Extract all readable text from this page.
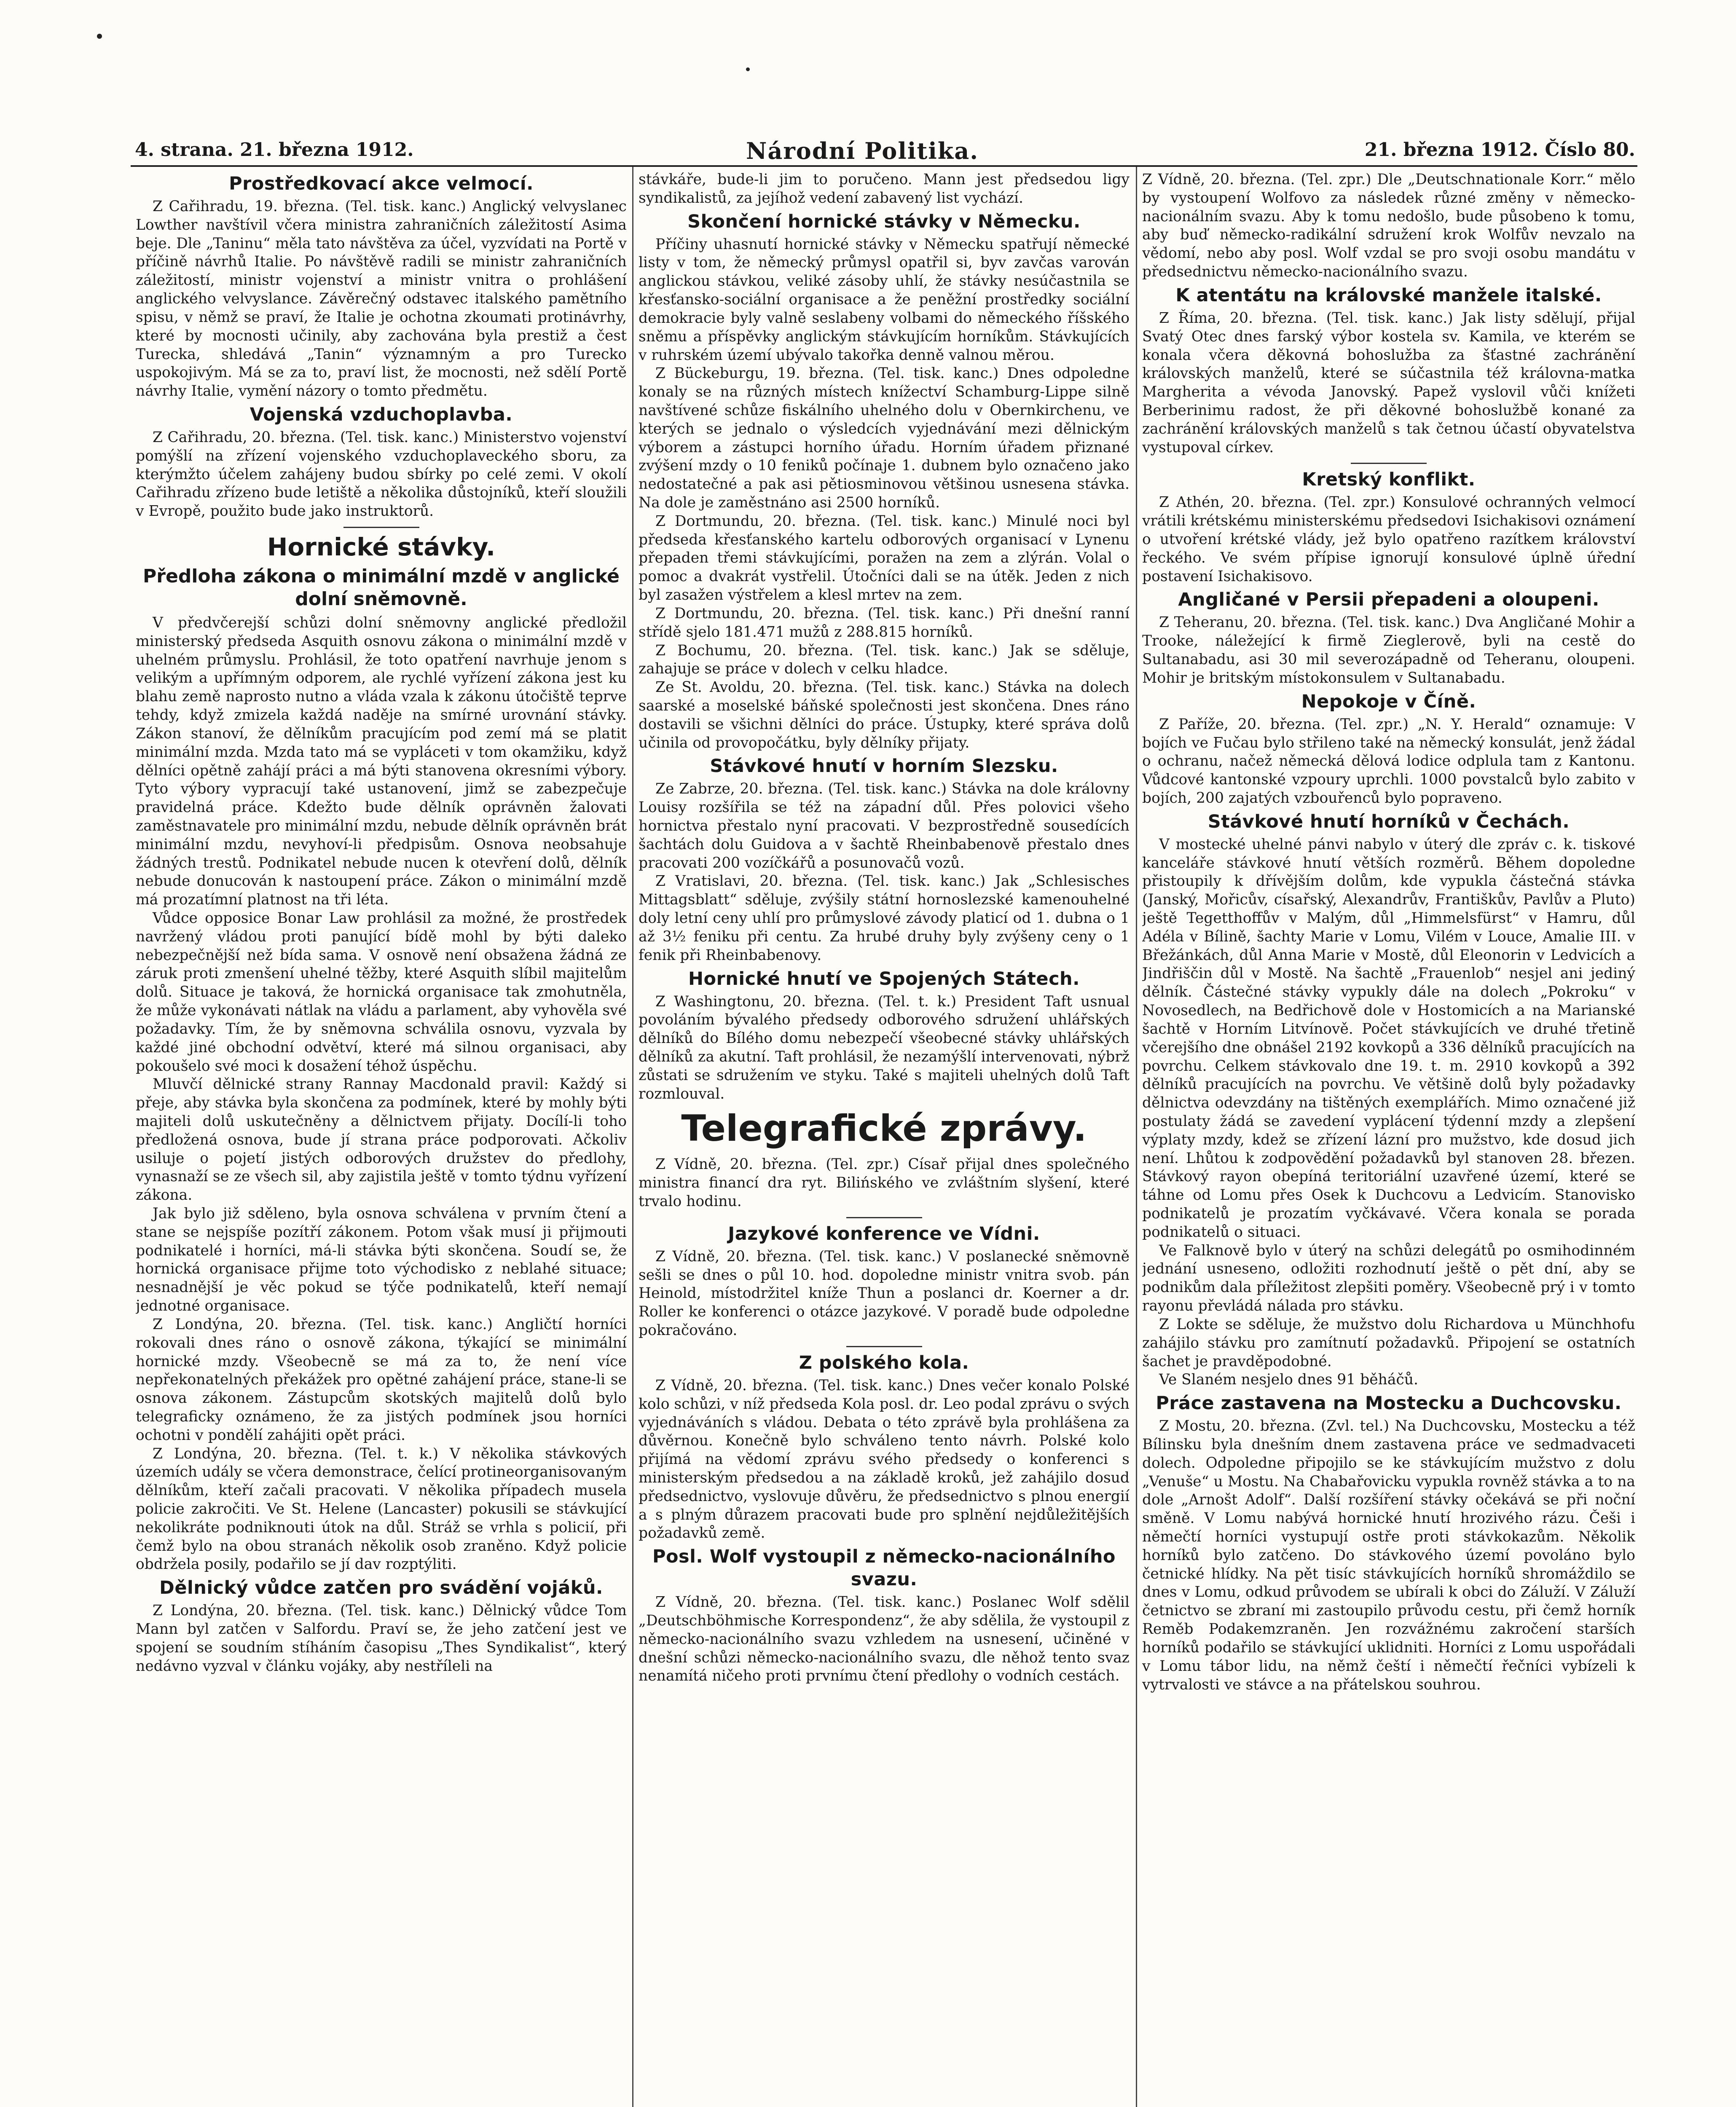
4. strana. 21. března 1912.	Národní Politika.	21. března 1912. Číslo 80.
Prostředkovací akce velmocí.

Z Cařihradu, 19. března. (Tel. tisk. kanc.) Anglický velvyslanec Lowther navštívil včera ministra zahraničních záležitostí Asima beje. Dle „Taninu“ měla tato návštěva za účel, vyzvídati na Portě v příčině návrhů Italie. Po návštěvě radili se ministr zahraničních záležitostí, ministr vojenství a ministr vnitra o prohlášení anglického velvyslance. Závěrečný odstavec italského pamětního spisu, v němž se praví, že Italie je ochotna zkoumati protinávrhy, které by mocnosti učinily, aby zachována byla prestiž a čest Turecka, shledává „Tanin“ významným a pro Turecko uspokojivým. Má se za to, praví list, že mocnosti, než sdělí Portě návrhy Italie, vymění názory o tomto předmětu.

Vojenská vzduchoplavba.

Z Cařihradu, 20. března. (Tel. tisk. kanc.) Ministerstvo vojenství pomýšlí na zřízení vojenského vzduchoplaveckého sboru, za kterýmžto účelem zahájeny budou sbírky po celé zemi. V okolí Cařihradu zřízeno bude letiště a několika důstojníků, kteří sloužili v Evropě, použito bude jako instruktorů.

Hornické stávky.
Předloha zákona o minimální mzdě v anglické dolní sněmovně.

V předvčerejší schůzi dolní sněmovny anglické předložil ministerský předseda Asquith osnovu zákona o minimální mzdě v uhelném průmyslu. Prohlásil, že toto opatření navrhuje jenom s velikým a upřímným odporem, ale rychlé vyřízení zákona jest ku blahu země naprosto nutno a vláda vzala k zákonu útočiště teprve tehdy, když zmizela každá naděje na smírné urovnání stávky. Zákon stanoví, že dělníkům pracujícím pod zemí má se platit minimální mzda. Mzda tato má se vypláceti v tom okamžiku, když dělníci opětně zahájí práci a má býti stanovena okresními výbory. Tyto výbory vypracují také ustanovení, jimž se zabezpečuje pravidelná práce. Kdežto bude dělník oprávněn žalovati zaměstnavatele pro minimální mzdu, nebude dělník oprávněn brát minimální mzdu, nevyhoví-li předpisům. Osnova neobsahuje žádných trestů. Podnikatel nebude nucen k otevření dolů, dělník nebude donucován k nastoupení práce. Zákon o minimální mzdě má prozatímní platnost na tři léta.

Vůdce opposice Bonar Law prohlásil za možné, že prostředek navržený vládou proti panující bídě mohl by býti daleko nebezpečnější než bída sama. V osnově není obsažena žádná ze záruk proti zmenšení uhelné těžby, které Asquith slíbil majitelům dolů. Situace je taková, že hornická organisace tak zmohutněla, že může vykonávati nátlak na vládu a parlament, aby vyhověla své požadavky. Tím, že by sněmovna schválila osnovu, vyzvala by každé jiné obchodní odvětví, které má silnou organisaci, aby pokoušelo své moci k dosažení téhož úspěchu.

Mluvčí dělnické strany Rannay Macdonald pravil: Každý si přeje, aby stávka byla skončena za podmínek, které by mohly býti majiteli dolů uskutečněny a dělnictvem přijaty. Docílí-li toho předložená osnova, bude jí strana práce podporovati. Ačkoliv usiluje o pojetí jistých odborových družstev do předlohy, vynasnaží se ze všech sil, aby zajistila ještě v tomto týdnu vyřízení zákona.

Jak bylo již sděleno, byla osnova schválena v prvním čtení a stane se nejspíše pozítří zákonem. Potom však musí ji přijmouti podnikatelé i horníci, má-li stávka býti skončena. Soudí se, že hornická organisace přijme toto východisko z neblahé situace; nesnadnější je věc pokud se týče podnikatelů, kteří nemají jednotné organisace.

Z Londýna, 20. března. (Tel. tisk. kanc.) Angličtí horníci rokovali dnes ráno o osnově zákona, týkající se minimální hornické mzdy. Všeobecně se má za to, že není více nepřekonatelných překážek pro opětné zahájení práce, stane-li se osnova zákonem. Zástupcům skotských majitelů dolů bylo telegraficky oznámeno, že za jistých podmínek jsou horníci ochotni v pondělí zahájiti opět práci.

Z Londýna, 20. března. (Tel. t. k.) V několika stávkových územích udály se včera demonstrace, čelící protineorganisovaným dělníkům, kteří začali pracovati. V několika případech musela policie zakročiti. Ve St. Helene (Lancaster) pokusili se stávkující nekolikráte podniknouti útok na důl. Stráž se vrhla s policií, při čemž bylo na obou stranách několik osob zraněno. Když policie obdržela posily, podařilo se jí dav rozptýliti.

Dělnický vůdce zatčen pro svádění vojáků.

Z Londýna, 20. března. (Tel. tisk. kanc.) Dělnický vůdce Tom Mann byl zatčen v Salfordu. Praví se, že jeho zatčení jest ve spojení se soudním stíháním časopisu „Thes Syndikalist“, který nedávno vyzval v článku vojáky, aby nestříleli na

stávkáře, bude-li jim to poručeno. Mann jest předsedou ligy syndikalistů, za jejíhož vedení zabavený list vychází.

Skončení hornické stávky v Německu.

Příčiny uhasnutí hornické stávky v Německu spatřují německé listy v tom, že německý průmysl opatřil si, byv zavčas varován anglickou stávkou, veliké zásoby uhlí, že stávky nesúčastnila se křesťansko-sociální organisace a že peněžní prostředky sociální demokracie byly valně seslabeny volbami do německého říšského sněmu a příspěvky anglickým stávkujícím horníkům. Stávkujících v ruhrském území ubývalo takořka denně valnou měrou.

Z Bückeburgu, 19. března. (Tel. tisk. kanc.) Dnes odpoledne konaly se na různých místech knížectví Schamburg-Lippe silně navštívené schůze fiskálního uhelného dolu v Obernkirchenu, ve kterých se jednalo o výsledcích vyjednávání mezi dělnickým výborem a zástupci horního úřadu. Horním úřadem přiznané zvýšení mzdy o 10 feniků počínaje 1. dubnem bylo označeno jako nedostatečné a pak asi pětiosminovou většinou usnesena stávka. Na dole je zaměstnáno asi 2500 horníků.

Z Dortmundu, 20. března. (Tel. tisk. kanc.) Minulé noci byl předseda křesťanského kartelu odborových organisací v Lynenu přepaden třemi stávkujícími, poražen na zem a zlýrán. Volal o pomoc a dvakrát vystřelil. Útočníci dali se na útěk. Jeden z nich byl zasažen výstřelem a klesl mrtev na zem.

Z Dortmundu, 20. března. (Tel. tisk. kanc.) Při dnešní ranní střídě sjelo 181.471 mužů z 288.815 horníků.

Z Bochumu, 20. března. (Tel. tisk. kanc.) Jak se sděluje, zahajuje se práce v dolech v celku hladce.

Ze St. Avoldu, 20. března. (Tel. tisk. kanc.) Stávka na dolech saarské a moselské báňské společnosti jest skončena. Dnes ráno dostavili se všichni dělníci do práce. Ústupky, které správa dolů učinila od provopočátku, byly dělníky přijaty.

Stávkové hnutí v horním Slezsku.

Ze Zabrze, 20. března. (Tel. tisk. kanc.) Stávka na dole královny Louisy rozšířila se též na západní důl. Přes polovici všeho hornictva přestalo nyní pracovati. V bezprostředně sousedících šachtách dolu Guidova a v šachtě Rheinbabenově přestalo dnes pracovati 200 vozíčkářů a posunovačů vozů.

Z Vratislavi, 20. března. (Tel. tisk. kanc.) Jak „Schlesisches Mittagsblatt“ sděluje, zvýšily státní hornoslezské kamenouhelné doly letní ceny uhlí pro průmyslové závody platicí od 1. dubna o 1 až 3½ feniku při centu. Za hrubé druhy byly zvýšeny ceny o 1 fenik při Rheinbabenovy.

Hornické hnutí ve Spojených Státech.

Z Washingtonu, 20. března. (Tel. t. k.) President Taft usnual povoláním bývalého předsedy odborového sdružení uhlářských dělníků do Bílého domu nebezpečí všeobecné stávky uhlářských dělníků za akutní. Taft prohlásil, že nezamýšlí intervenovati, nýbrž zůstati se sdružením ve styku. Také s majiteli uhelných dolů Taft rozmlouval.

Telegrafické zprávy.

Z Vídně, 20. března. (Tel. zpr.) Císař přijal dnes společného ministra financí dra ryt. Bilińského ve zvláštním slyšení, které trvalo hodinu.

Jazykové konference ve Vídni.

Z Vídně, 20. března. (Tel. tisk. kanc.) V poslanecké sněmovně sešli se dnes o půl 10. hod. dopoledne ministr vnitra svob. pán Heinold, místodržitel kníže Thun a poslanci dr. Koerner a dr. Roller ke konferenci o otázce jazykové. V poradě bude odpoledne pokračováno.

Z polského kola.

Z Vídně, 20. března. (Tel. tisk. kanc.) Dnes večer konalo Polské kolo schůzi, v níž předseda Kola posl. dr. Leo podal zprávu o svých vyjednáváních s vládou. Debata o této zprávě byla prohlášena za důvěrnou. Konečně bylo schváleno tento návrh. Polské kolo přijímá na vědomí zprávu svého předsedy o konferenci s ministerským předsedou a na základě kroků, jež zahájilo dosud předsednictvo, vyslovuje důvěru, že předsednictvo s plnou energií a s plným důrazem pracovati bude pro splnění nejdůležitějších požadavků země.

Posl. Wolf vystoupil z německo-nacionálního svazu.

Z Vídně, 20. března. (Tel. tisk. kanc.) Poslanec Wolf sdělil „Deutschböhmische Korrespondenz“, že aby sdělila, že vystoupil z německo-nacionálního svazu vzhledem na usnesení, učiněné v dnešní schůzi německo-nacionálního svazu, dle něhož tento svaz nenamítá ničeho proti prvnímu čtení předlohy o vodních cestách.

Z Vídně, 20. března. (Tel. zpr.) Dle „Deutschnationale Korr.“ mělo by vystoupení Wolfovo za následek různé změny v německo-nacionálním svazu. Aby k tomu nedošlo, bude působeno k tomu, aby buď německo-radikální sdružení krok Wolfův nevzalo na vědomí, nebo aby posl. Wolf vzdal se pro svoji osobu mandátu v předsednictvu německo-nacionálního svazu.

K atentátu na královské manžele italské.

Z Říma, 20. března. (Tel. tisk. kanc.) Jak listy sdělují, přijal Svatý Otec dnes farský výbor kostela sv. Kamila, ve kterém se konala včera děkovná bohoslužba za šťastné zachránění královských manželů, které se súčastnila též královna-matka Margherita a vévoda Janovský. Papež vyslovil vůči knížeti Berberinimu radost, že při děkovné bohoslužbě konané za zachránění královských manželů s tak četnou účastí obyvatelstva vystupoval církev.

Kretský konflikt.

Z Athén, 20. března. (Tel. zpr.) Konsulové ochranných velmocí vrátili krétskému ministerskému předsedovi Isichakisovi oznámení o utvoření krétské vlády, jež bylo opatřeno razítkem království řeckého. Ve svém přípise ignorují konsulové úplně úřední postavení Isichakisovo.

Angličané v Persii přepadeni a oloupeni.

Z Teheranu, 20. března. (Tel. tisk. kanc.) Dva Angličané Mohir a Trooke, náležející k firmě Zieglerově, byli na cestě do Sultanabadu, asi 30 mil severozápadně od Teheranu, oloupeni. Mohir je britským místokonsulem v Sultanabadu.

Nepokoje v Číně.

Z Paříže, 20. března. (Tel. zpr.) „N. Y. Herald“ oznamuje: V bojích ve Fučau bylo střileno také na německý konsulát, jenž žádal o ochranu, načež německá dělová lodice odplula tam z Kantonu. Vůdcové kantonské vzpoury uprchli. 1000 povstalců bylo zabito v bojích, 200 zajatých vzbouřenců bylo popraveno.

Stávkové hnutí horníků v Čechách.

V mostecké uhelné pánvi nabylo v úterý dle zpráv c. k. tiskové kanceláře stávkové hnutí větších rozměrů. Během dopoledne přistoupily k dřívějším dolům, kde vypukla částečná stávka (Janský, Mořicův, císařský, Alexandrův, Františkův, Pavlův a Pluto) ještě Tegetthoffův v Malým, důl „Himmelsfürst“ v Hamru, důl Adéla v Bílině, šachty Marie v Lomu, Vilém v Louce, Amalie III. v Břežánkách, důl Anna Marie v Mostě, důl Eleonorin v Ledvicích a Jindřiščin důl v Mostě. Na šachtě „Frauenlob“ nesjel ani jediný dělník. Částečné stávky vypukly dále na dolech „Pokroku“ v Novosedlech, na Bedřichově dole v Hostomicích a na Marianské šachtě v Horním Litvínově. Počet stávkujících ve druhé třetině včerejšího dne obnášel 2192 kovkopů a 336 dělníků pracujících na povrchu. Celkem stávkovalo dne 19. t. m. 2910 kovkopů a 392 dělníků pracujících na povrchu. Ve většině dolů byly požadavky dělnictva odevzdány na tištěných exemplářích. Mimo označené již postulaty žádá se zavedení vyplácení týdenní mzdy a zlepšení výplaty mzdy, kdež se zřízení lázní pro mužstvo, kde dosud jich není. Lhůtou k zodpovědění požadavků byl stanoven 28. březen. Stávkový rayon obepíná teritoriální uzavřené území, které se táhne od Lomu přes Osek k Duchcovu a Ledvicím. Stanovisko podnikatelů je prozatím vyčkávavé. Včera konala se porada podnikatelů o situaci.

Ve Falknově bylo v úterý na schůzi delegátů po osmihodinném jednání usneseno, odložiti rozhodnutí ještě o pět dní, aby se podnikům dala příležitost zlepšiti poměry. Všeobecně prý i v tomto rayonu převládá nálada pro stávku.

Z Lokte se sděluje, že mužstvo dolu Richardova u Münchhofu zahájilo stávku pro zamítnutí požadavků. Připojení se ostatních šachet je pravděpodobné.

Ve Slaném nesjelo dnes 91 běháčů.

Práce zastavena na Mostecku a Duchcovsku.

Z Mostu, 20. března. (Zvl. tel.) Na Duchcovsku, Mostecku a též Bílinsku byla dnešním dnem zastavena práce ve sedmadvaceti dolech. Odpoledne připojilo se ke stávkujícím mužstvo z dolu „Venuše“ u Mostu. Na Chabařovicku vypukla rovněž stávka a to na dole „Arnošt Adolf“. Další rozšíření stávky očekává se při noční směně. V Lomu nabývá hornické hnutí hrozivého rázu. Češi i němečtí horníci vystupují ostře proti stávkokazům. Několik horníků bylo zatčeno. Do stávkového území povoláno bylo četnické hlídky. Na pět tisíc stávkujících horníků shromáždilo se dnes v Lomu, odkud průvodem se ubírali k obci do Záluží. V Záluží četnictvo se zbraní mi zastoupilo průvodu cestu, při čemž horník Reměb Podakemzraněn. Jen rozvážnému zakročení starších horníků podařilo se stávkující uklidniti. Horníci z Lomu uspořádali v Lomu tábor lidu, na němž čeští i němečtí řečníci vybízeli k vytrvalosti ve stávce a na přátelskou souhrou.
